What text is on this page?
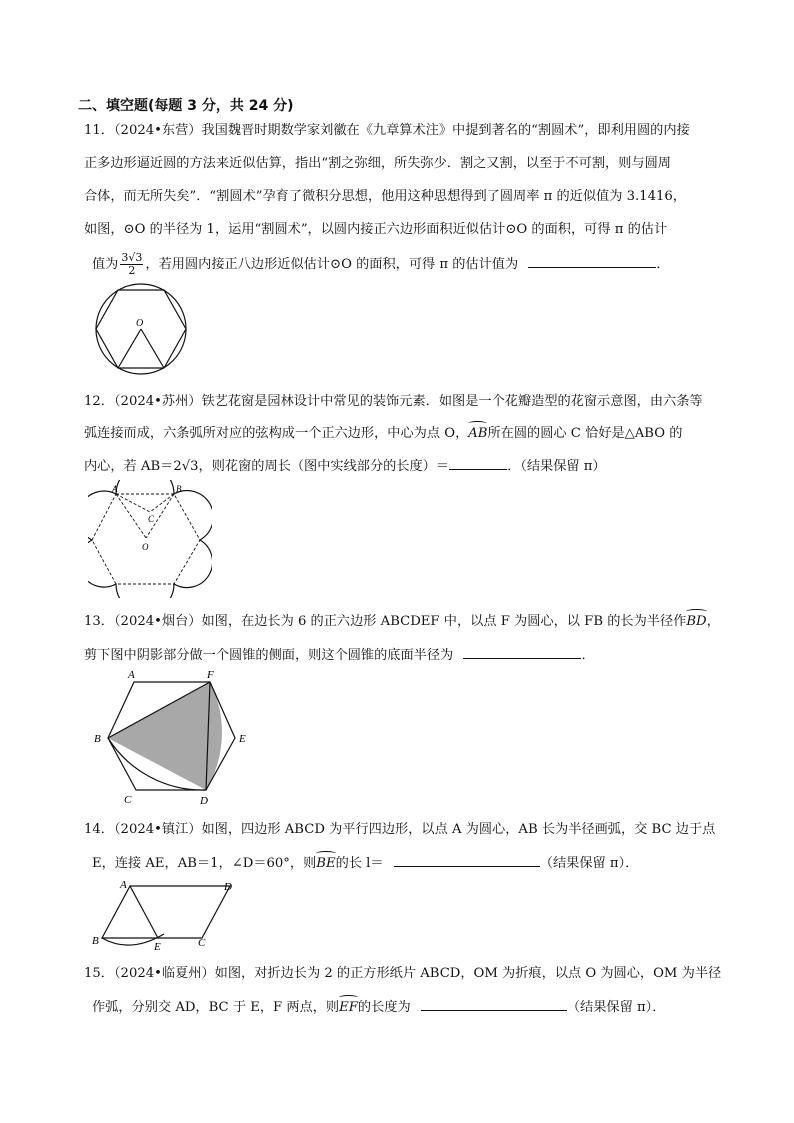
二、填空题(每题 3 分，共 24 分)
11．（2024•东营）我国魏晋时期数学家刘徽在《九章算术注》中提到著名的“割圆术”，即利用圆的内接
正多边形逼近圆的方法来近似估算，指出“割之弥细，所失弥少．割之又割，以至于不可割，则与圆周
合体，而无所失矣”．“割圆术”孕育了微积分思想，他用这种思想得到了圆周率 π 的近似值为 3.1416，
如图，⊙O 的半径为 1，运用“割圆术”，以圆内接正六边形面积近似估计⊙O 的面积，可得 π 的估计
值为 $\frac{3√3}{2}$ ，若用圆内接正八边形近似估计⊙O 的面积，可得 π 的估计值为	．
O
12．（2024•苏州）铁艺花窗是园林设计中常见的装饰元素．如图是一个花瓣造型的花窗示意图，由六条等
弧连接而成，六条弧所对应的弦构成一个正六边形，中心为点 O，AB所在圆的圆心 C 恰好是△ABO 的
内心，若 AB＝2√3，则花窗的周长（图中实线部分的长度）＝	．（结果保留 π）
A	B
C
O
13．（2024•烟台）如图，在边长为 6 的正六边形 ABCDEF 中，以点 F 为圆心，以 FB 的长为半径作BD，
剪下图中阴影部分做一个圆锥的侧面，则这个圆锥的底面半径为	．
A	F
B	E
C	D
14．（2024•镇江）如图，四边形 ABCD 为平行四边形，以点 A 为圆心，AB 长为半径画弧，交 BC 边于点
E，连接 AE，AB＝1，∠D＝60°，则BE的长 l＝	（结果保留 π）．
A	D
B	E	C
15．（2024•临夏州）如图，对折边长为 2 的正方形纸片 ABCD，OM 为折痕，以点 O 为圆心，OM 为半径
作弧，分别交 AD，BC 于 E，F 两点，则EF的长度为	（结果保留 π）．
